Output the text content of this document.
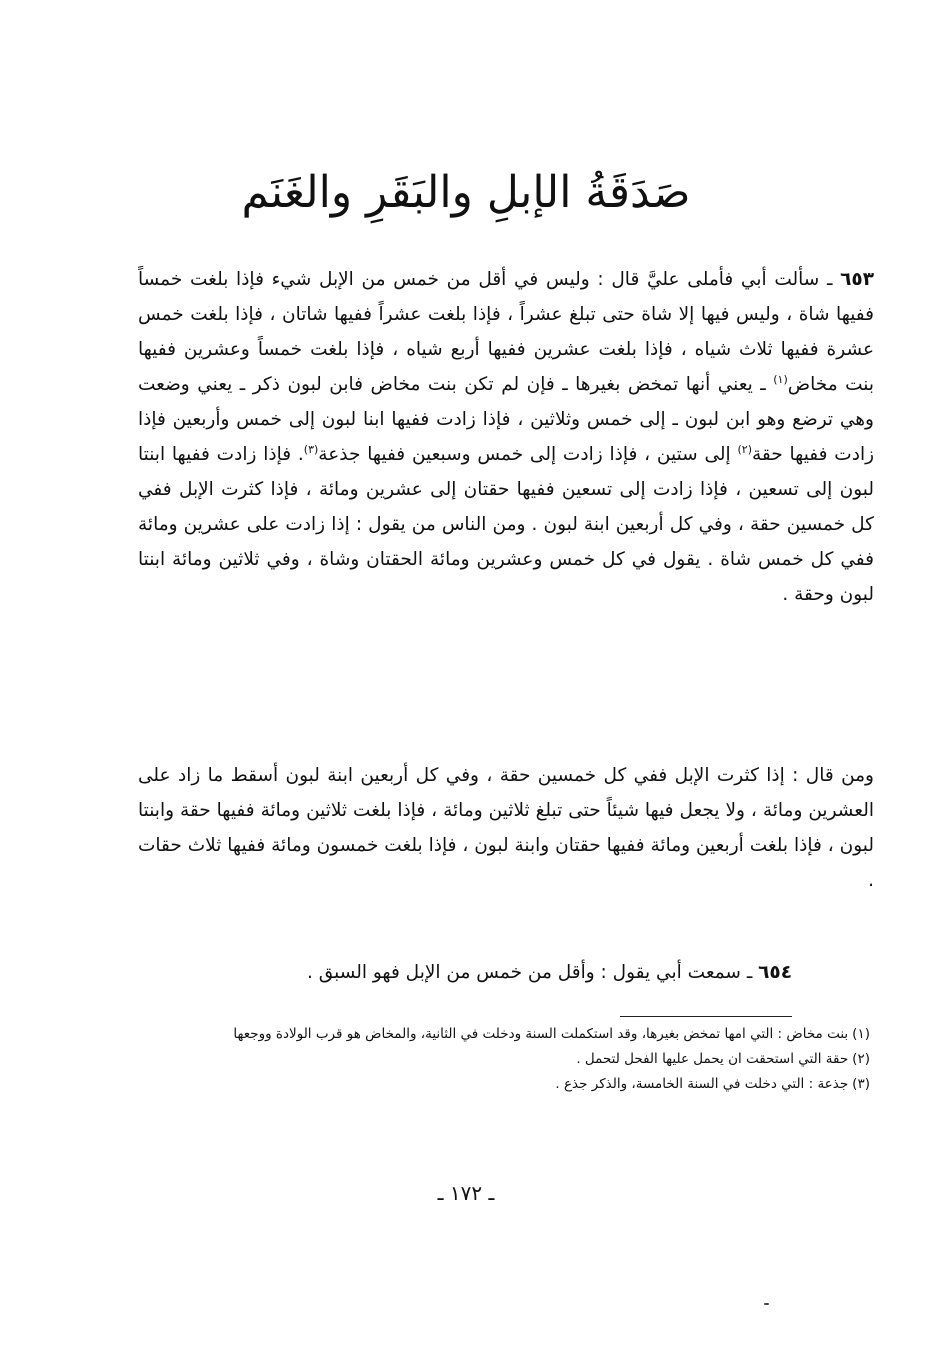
صَدَقَةُ الإبلِ والبَقَرِ والغَنَم
٦٥٣ ـ سألت أبي فأملى عليَّ قال : وليس في أقل من خمس من الإبل شيء فإذا بلغت خمساً ففيها شاة ، وليس فيها إلا شاة حتى تبلغ عشراً ، فإذا بلغت عشراً ففيها شاتان ، فإذا بلغت خمس عشرة ففيها ثلاث شياه ، فإذا بلغت عشرين ففيها أربع شياه ، فإذا بلغت خمساً وعشرين ففيها بنت مخاض$^{(١)}$ ـ يعني أنها تمخض بغيرها ـ فإن لم تكن بنت مخاض فابن لبون ذكر ـ يعني وضعت وهي ترضع وهو ابن لبون ـ إلى خمس وثلاثين ، فإذا زادت ففيها ابنا لبون إلى خمس وأربعين فإذا زادت ففيها حقة$^{(٢)}$ إلى ستين ، فإذا زادت إلى خمس وسبعين ففيها جذعة$^{(٣)}$. فإذا زادت ففيها ابنتا لبون إلى تسعين ، فإذا زادت إلى تسعين ففيها حقتان إلى عشرين ومائة ، فإذا كثرت الإبل ففي كل خمسين حقة ، وفي كل أربعين ابنة لبون . ومن الناس من يقول : إذا زادت على عشرين ومائة ففي كل خمس شاة . يقول في كل خمس وعشرين ومائة الحقتان وشاة ، وفي ثلاثين ومائة ابنتا لبون وحقة .
ومن قال : إذا كثرت الإبل ففي كل خمسين حقة ، وفي كل أربعين ابنة لبون أسقط ما زاد على العشرين ومائة ، ولا يجعل فيها شيئاً حتى تبلغ ثلاثين ومائة ، فإذا بلغت ثلاثين ومائة ففيها حقة وابنتا لبون ، فإذا بلغت أربعين ومائة ففيها حقتان وابنة لبون ، فإذا بلغت خمسون ومائة ففيها ثلاث حقات .
٦٥٤ ـ سمعت أبي يقول : وأقل من خمس من الإبل فهو السبق .

(١)بنت مخاض : التي امها تمخض بغيرها، وقد استكملت السنة ودخلت في الثانية، والمخاض هو قرب الولادة ووجعها

(٢)حقة التي استحقت ان يحمل عليها الفحل لتحمل .

(٣)جذعة : التي دخلت في السنة الخامسة، والذكر جذع .

ـ ١٧٢ ـ
